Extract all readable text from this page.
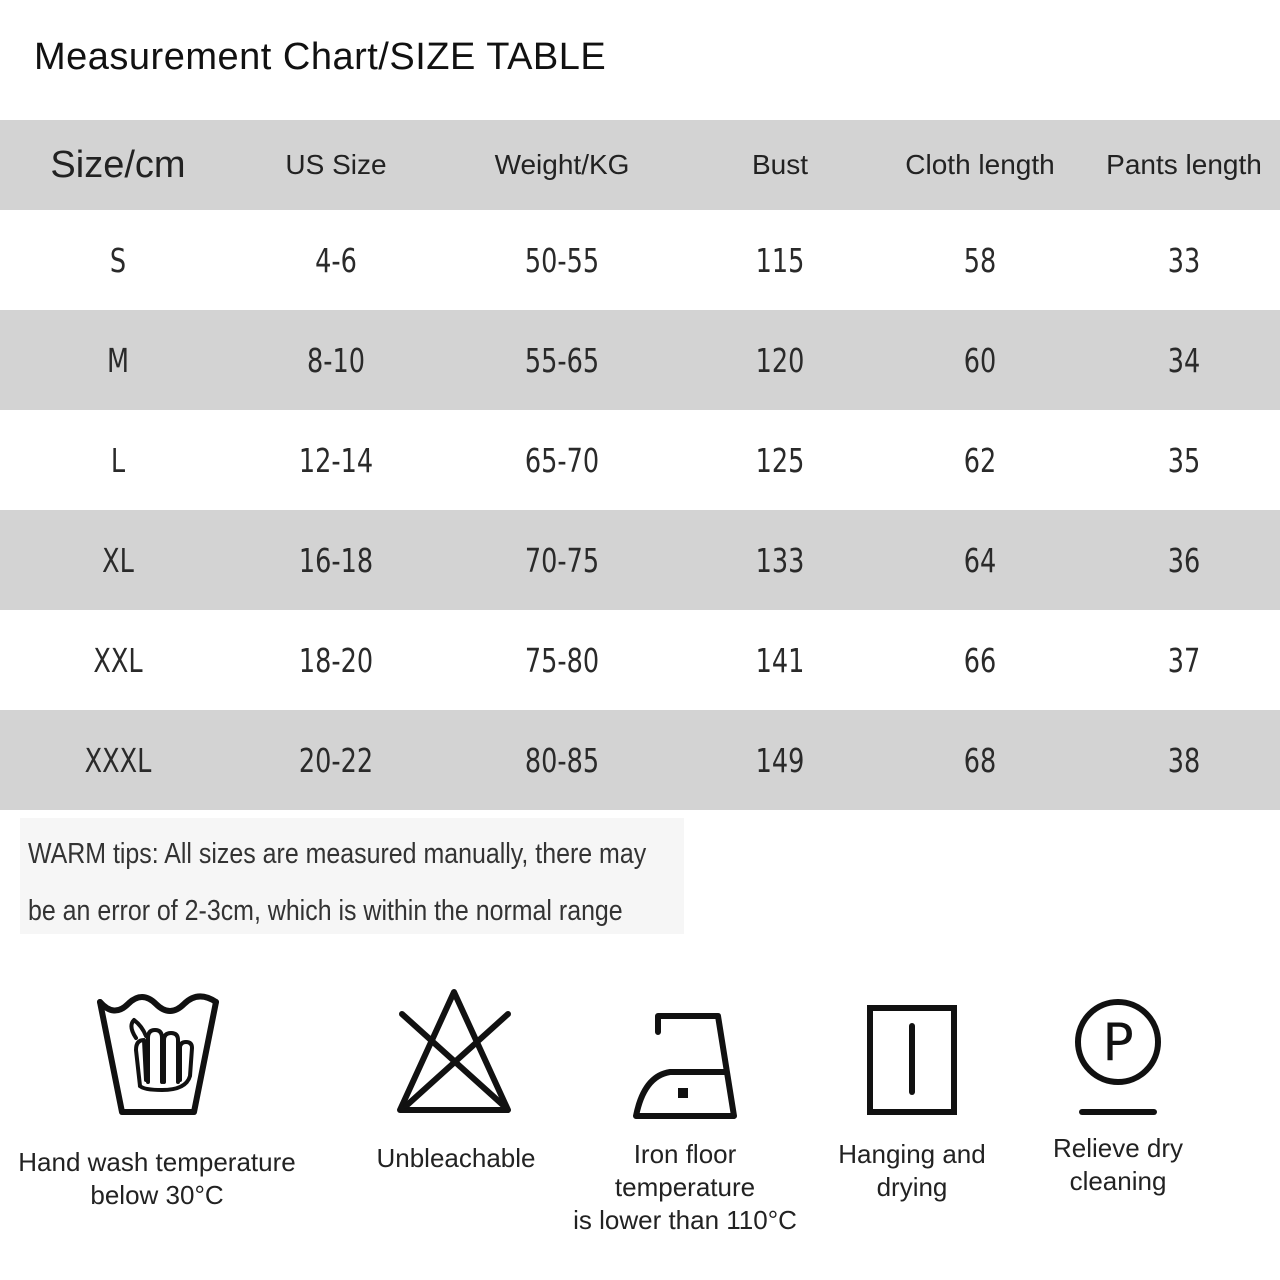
Measurement Chart/SIZE TABLE
Size/cm	US Size	Weight/KG	Bust	Cloth length	Pants length
S	4-6	50-55	115	58	33
M	8-10	55-65	120	60	34
L	12-14	65-70	125	62	35
XL	16-18	70-75	133	64	36
XXL	18-20	75-80	141	66	37
XXXL	20-22	80-85	149	68	38

WARM tips: All sizes are measured manually, there may

be an error of 2-3cm, which is within the normal range

Hand wash temperature
below 30°C
Unbleachable	Iron floor
temperature
is lower than 110°C
Hanging and
drying
P
Relieve dry
cleaning
